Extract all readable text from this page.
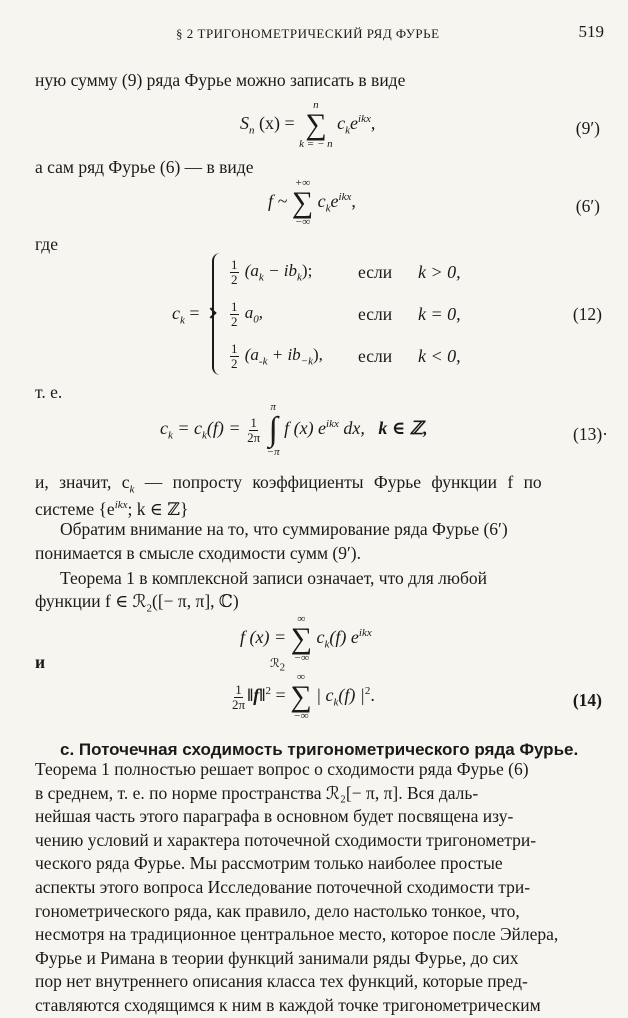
§ 2 ТРИГОНОМЕТРИЧЕСКИЙ РЯД ФУРЬЕ	519
ную сумму (9) ряда Фурье можно записать в виде
$S_n$ (x) =
n
∑
k = − n
$c_ke^{ikx}$,	(9′)
а сам ряд Фурье (6) — в виде
f ~
+∞
∑
−∞
$c_ke^{ikx}$,	(6′)
где
$c_k$ =
$\frac{1}{2} (a_k - ib_k)$;	если k > 0,
$\frac{1}{2} a_0$,	если k = 0,	(12)
$\frac{1}{2} (a_{-k} + ib_{-k})$, если k < 0,
т. е.
$c_k = c_k(f) = \frac{1}{2\pi}$

π
∫
−π
f (x) $e^{ikx}$ dx, k ∈ ℤ,	(13)·
и, значит, $c_k$ — попросту коэффициенты Фурье функции f по
системе {$e^{ikx}$; k ∈ ℤ}
Обратим внимание на то, что суммирование ряда Фурье (6′)
понимается в смысле сходимости сумм (9′).
Теорема 1 в комплексной записи означает, что для любой
функции f ∈ ℛ$_2$([− π, π], ℂ)
f (x) =
∞
∑
−∞
$c_k(f)$ $e^{ikx}$
ℛ$_2$
и
$\frac{1}{2\pi}$ ‖f‖$^2$ =
∞
∑
−∞
| $c_k(f)$ $|^2$.	(14)
с. Поточечная сходимость тригонометрического ряда Фурье.

Теорема 1 полностью решает вопрос о сходимости ряда Фурье (6)

в среднем, т. е. по норме пространства ℛ₂[− π, π]. Вся даль-

нейшая часть этого параграфа в основном будет посвящена изу-

чению условий и характера поточечной сходимости тригонометри-

ческого ряда Фурье. Мы рассмотрим только наиболее простые

аспекты этого вопроса Исследование поточечной сходимости три-

гонометрического ряда, как правило, дело настолько тонкое, что,

несмотря на традиционное центральное место, которое после Эйлера,

Фурье и Римана в теории функций занимали ряды Фурье, до сих

пор нет внутреннего описания класса тех функций, которые пред-

ставляются сходящимся к ним в каждой точке тригонометрическим
